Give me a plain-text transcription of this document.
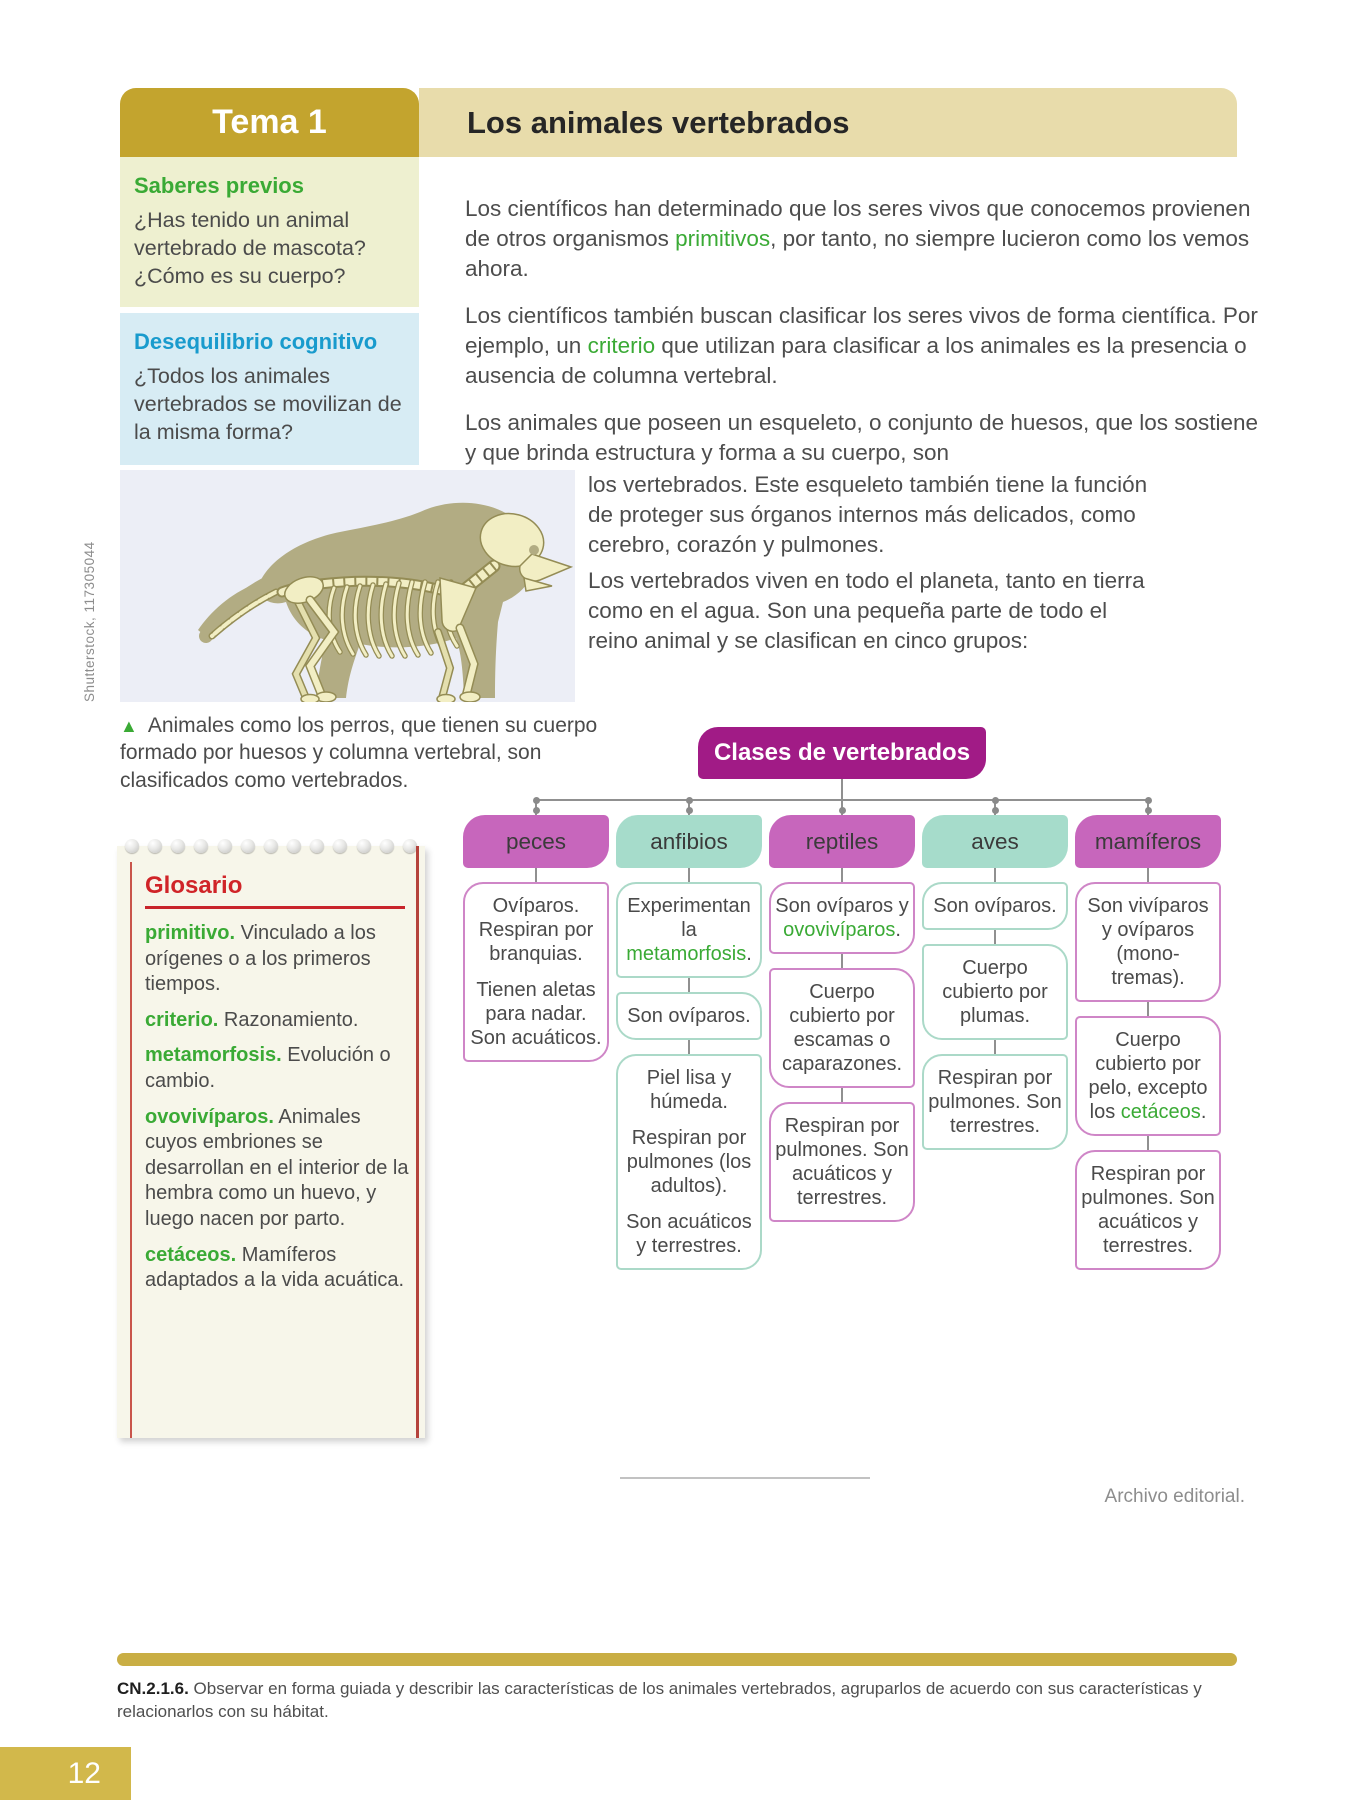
Tema 1	Los animales vertebrados
Saberes previos
¿Has tenido un animal vertebrado de mascota? ¿Cómo es su cuerpo?
Desequilibrio cognitivo
¿Todos los animales vertebrados se movilizan de la misma forma?
Shutterstock, 117305044
▲ Animales como los perros, que tienen su cuerpo formado por huesos y columna vertebral, son clasificados como vertebrados.
Los científicos han determinado que los seres vivos que conocemos provienen de otros organismos primitivos, por tanto, no siempre lucieron como los vemos ahora.
Los científicos también buscan clasificar los seres vivos de forma científica. Por ejemplo, un criterio que utilizan para clasificar a los animales es la presencia o ausencia de columna vertebral.
Los animales que poseen un esqueleto, o conjunto de huesos, que los sostiene y que brinda estructura y forma a su cuerpo, son
los vertebrados. Este esqueleto también tiene la función de proteger sus órganos internos más delicados, como cerebro, corazón y pulmones.
Los vertebrados viven en todo el planeta, tanto en tierra como en el agua. Son una pequeña parte de todo el reino animal y se clasifican en cinco grupos:
Glosario
primitivo. Vinculado a los orígenes o a los primeros tiempos.
criterio. Razonamiento.
metamorfosis. Evolución o cambio.
ovovivíparos. Animales cuyos embriones se desarrollan en el interior de la hembra como un huevo, y luego nacen por parto.
cetáceos. Mamíferos adaptados a la vida acuática.
Clases de vertebrados
peces

Ovíparos. Respiran por branquias.

Tienen aletas para nadar. Son acuáticos.

anfibios

Experimentan la metamorfosis.

Son ovíparos.

Piel lisa y húmeda.

Respiran por pulmones (los adultos).

Son acuáticos y terrestres.

reptiles

Son ovíparos y ovovivíparos.

Cuerpo cubierto por escamas o caparazones.

Respiran por pulmones. Son acuáticos y terrestres.

aves

Son ovíparos.

Cuerpo cubierto por plumas.

Respiran por pulmones. Son terrestres.

mamíferos

Son vivíparos y ovíparos (mono-tremas).

Cuerpo cubierto por pelo, excepto los cetáceos.

Respiran por pulmones. Son acuáticos y terrestres.

Archivo editorial.
CN.2.1.6. Observar en forma guiada y describir las características de los animales vertebrados, agruparlos de acuerdo con sus características y relacionarlos con su hábitat.
12
